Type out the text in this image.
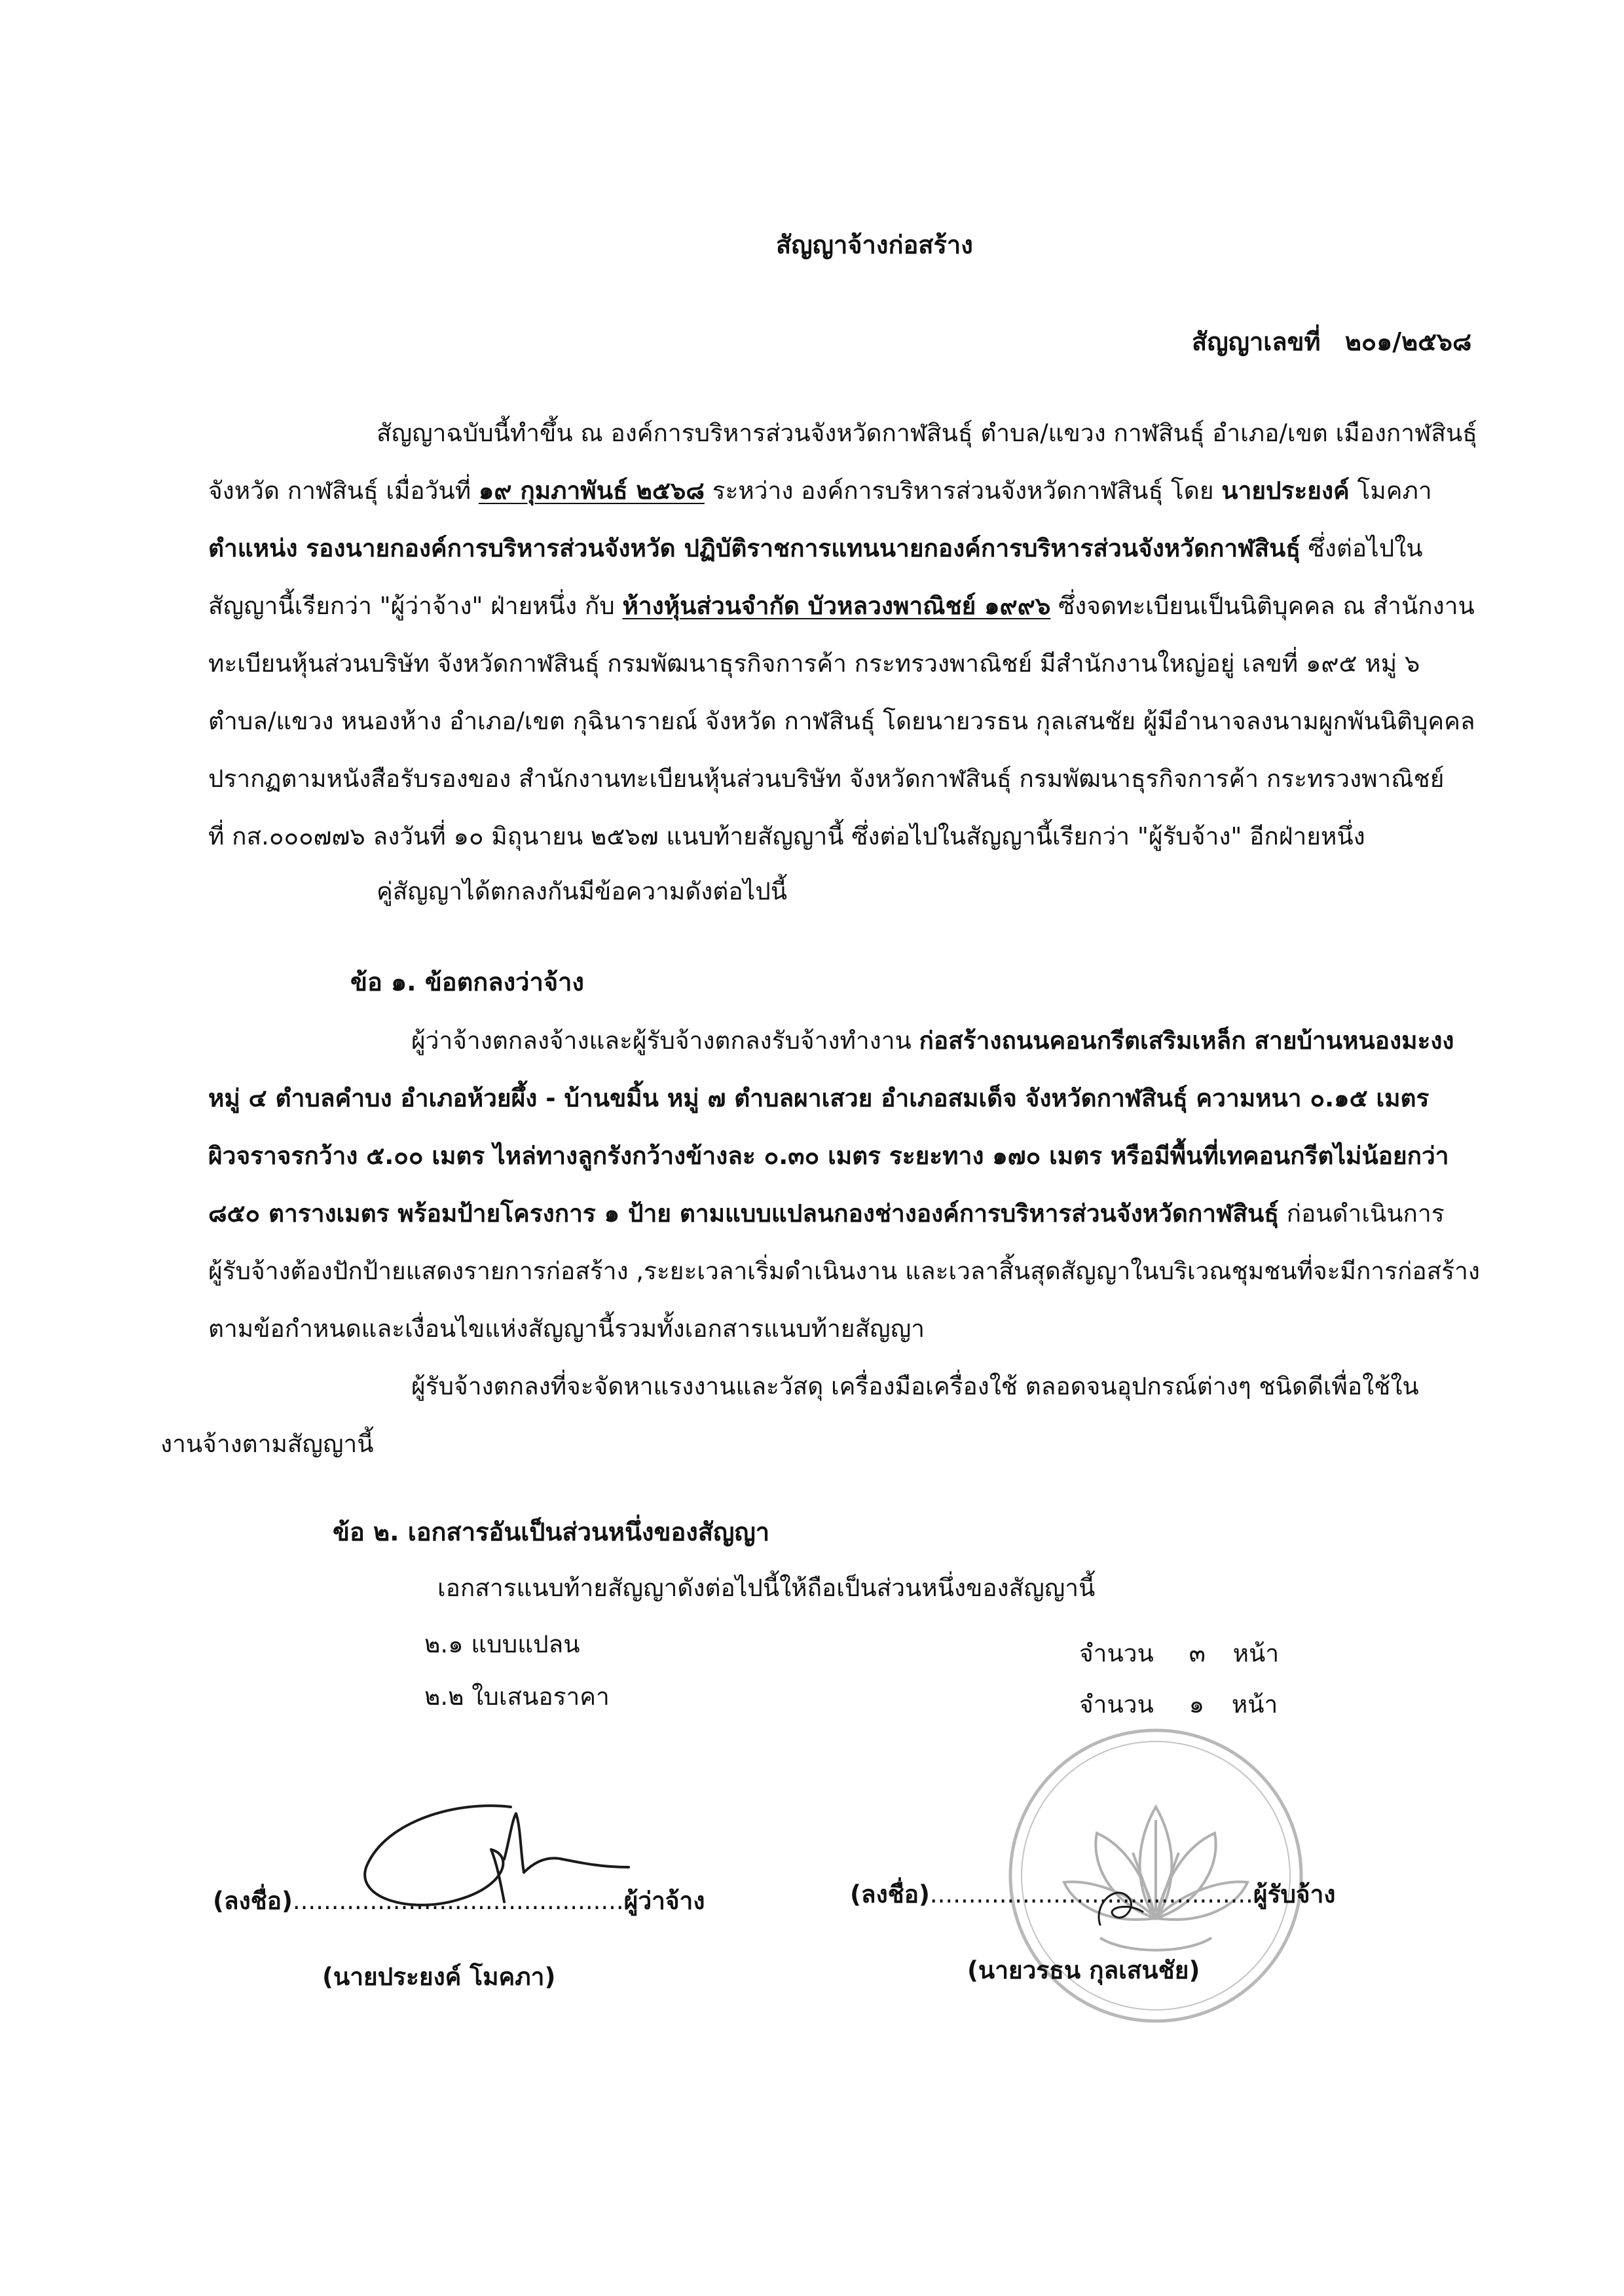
สัญญาจ้างก่อสร้าง
สัญญาเลขที่ ๒๐๑/๒๕๖๘
สัญญาฉบับนี้ทำขึ้น ณ องค์การบริหารส่วนจังหวัดกาฬสินธุ์ ตำบล/แขวง กาฬสินธุ์ อำเภอ/เขต เมืองกาฬสินธุ์
จังหวัด กาฬสินธุ์ เมื่อวันที่ ๑๙ กุมภาพันธ์ ๒๕๖๘ ระหว่าง องค์การบริหารส่วนจังหวัดกาฬสินธุ์ โดย นายประยงค์ โมคภา
ตำแหน่ง รองนายกองค์การบริหารส่วนจังหวัด ปฏิบัติราชการแทนนายกองค์การบริหารส่วนจังหวัดกาฬสินธุ์ ซึ่งต่อไปใน
สัญญานี้เรียกว่า "ผู้ว่าจ้าง" ฝ่ายหนึ่ง กับ ห้างหุ้นส่วนจำกัด บัวหลวงพาณิชย์ ๑๙๙๖ ซึ่งจดทะเบียนเป็นนิติบุคคล ณ สำนักงาน
ทะเบียนหุ้นส่วนบริษัท จังหวัดกาฬสินธุ์ กรมพัฒนาธุรกิจการค้า กระทรวงพาณิชย์ มีสำนักงานใหญ่อยู่ เลขที่ ๑๙๕ หมู่ ๖
ตำบล/แขวง หนองห้าง อำเภอ/เขต กุฉินารายณ์ จังหวัด กาฬสินธุ์ โดยนายวรธน กุลเสนชัย ผู้มีอำนาจลงนามผูกพันนิติบุคคล
ปรากฏตามหนังสือรับรองของ สำนักงานทะเบียนหุ้นส่วนบริษัท จังหวัดกาฬสินธุ์ กรมพัฒนาธุรกิจการค้า กระทรวงพาณิชย์
ที่ กส.๐๐๐๗๗๖ ลงวันที่ ๑๐ มิถุนายน ๒๕๖๗ แนบท้ายสัญญานี้ ซึ่งต่อไปในสัญญานี้เรียกว่า "ผู้รับจ้าง" อีกฝ่ายหนึ่ง
คู่สัญญาได้ตกลงกันมีข้อความดังต่อไปนี้
ข้อ ๑. ข้อตกลงว่าจ้าง
ผู้ว่าจ้างตกลงจ้างและผู้รับจ้างตกลงรับจ้างทำงาน ก่อสร้างถนนคอนกรีตเสริมเหล็ก สายบ้านหนองมะงง
หมู่ ๔ ตำบลคำบง อำเภอห้วยผึ้ง - บ้านขมิ้น หมู่ ๗ ตำบลผาเสวย อำเภอสมเด็จ จังหวัดกาฬสินธุ์ ความหนา ๐.๑๕ เมตร
ผิวจราจรกว้าง ๕.๐๐ เมตร ไหล่ทางลูกรังกว้างข้างละ ๐.๓๐ เมตร ระยะทาง ๑๗๐ เมตร หรือมีพื้นที่เทคอนกรีตไม่น้อยกว่า
๘๕๐ ตารางเมตร พร้อมป้ายโครงการ ๑ ป้าย ตามแบบแปลนกองช่างองค์การบริหารส่วนจังหวัดกาฬสินธุ์ ก่อนดำเนินการ
ผู้รับจ้างต้องปักป้ายแสดงรายการก่อสร้าง ,ระยะเวลาเริ่มดำเนินงาน และเวลาสิ้นสุดสัญญาในบริเวณชุมชนที่จะมีการก่อสร้าง
ตามข้อกำหนดและเงื่อนไขแห่งสัญญานี้รวมทั้งเอกสารแนบท้ายสัญญา
ผู้รับจ้างตกลงที่จะจัดหาแรงงานและวัสดุ เครื่องมือเครื่องใช้ ตลอดจนอุปกรณ์ต่างๆ ชนิดดีเพื่อใช้ใน
งานจ้างตามสัญญานี้
ข้อ ๒. เอกสารอันเป็นส่วนหนึ่งของสัญญา
เอกสารแนบท้ายสัญญาดังต่อไปนี้ให้ถือเป็นส่วนหนึ่งของสัญญานี้
๒.๑ แบบแปลน	จำนวน ๓ หน้า
๒.๒ ใบเสนอราคา	จำนวน ๑ หน้า
(ลงชื่อ)...........................................ผู้ว่าจ้าง	(ลงชื่อ)..........................................ผู้รับจ้าง
(นายประยงค์ โมคภา)	(นายวรธน กุลเสนชัย)
